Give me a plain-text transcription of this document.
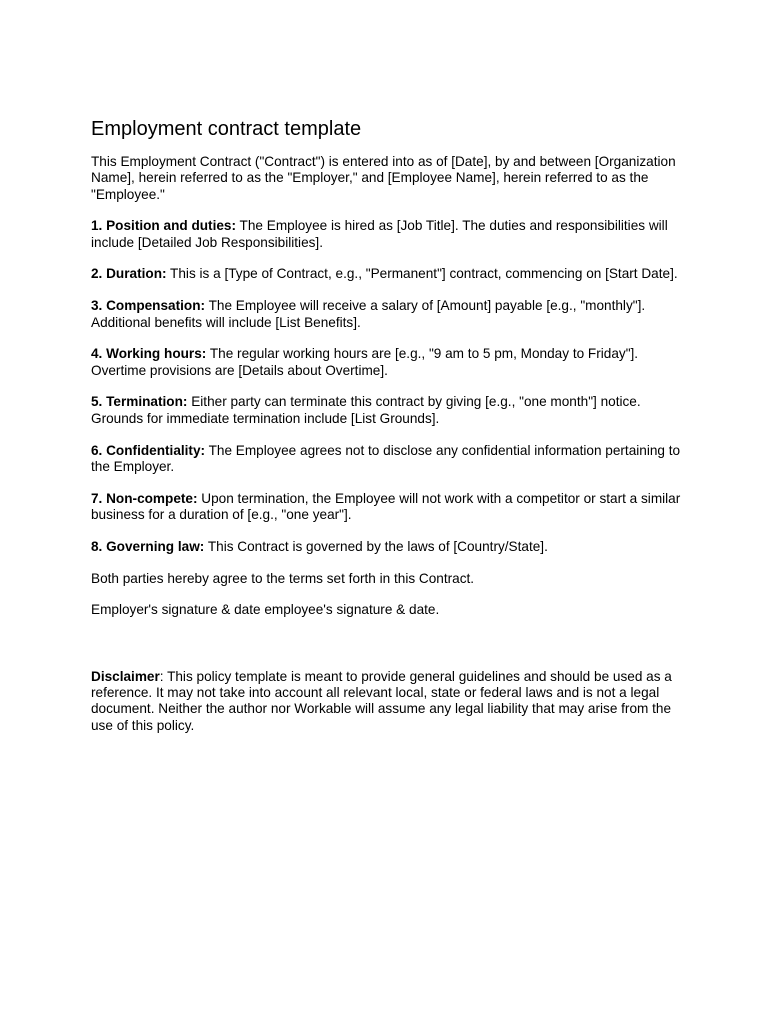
Employment contract template

This Employment Contract ("Contract") is entered into as of [Date], by and between [Organization Name], herein referred to as the "Employer," and [Employee Name], herein referred to as the "Employee."

1. Position and duties: The Employee is hired as [Job Title]. The duties and responsibilities will include [Detailed Job Responsibilities].

2. Duration: This is a [Type of Contract, e.g., "Permanent"] contract, commencing on [Start Date].

3. Compensation: The Employee will receive a salary of [Amount] payable [e.g., "monthly"]. Additional benefits will include [List Benefits].

4. Working hours: The regular working hours are [e.g., "9 am to 5 pm, Monday to Friday"]. Overtime provisions are [Details about Overtime].

5. Termination: Either party can terminate this contract by giving [e.g., "one month"] notice. Grounds for immediate termination include [List Grounds].

6. Confidentiality: The Employee agrees not to disclose any confidential information pertaining to the Employer.

7. Non-compete: Upon termination, the Employee will not work with a competitor or start a similar business for a duration of [e.g., "one year"].

8. Governing law: This Contract is governed by the laws of [Country/State].

Both parties hereby agree to the terms set forth in this Contract.

Employer's signature & date employee's signature & date.

Disclaimer: This policy template is meant to provide general guidelines and should be used as a reference. It may not take into account all relevant local, state or federal laws and is not a legal document. Neither the author nor Workable will assume any legal liability that may arise from the use of this policy.
